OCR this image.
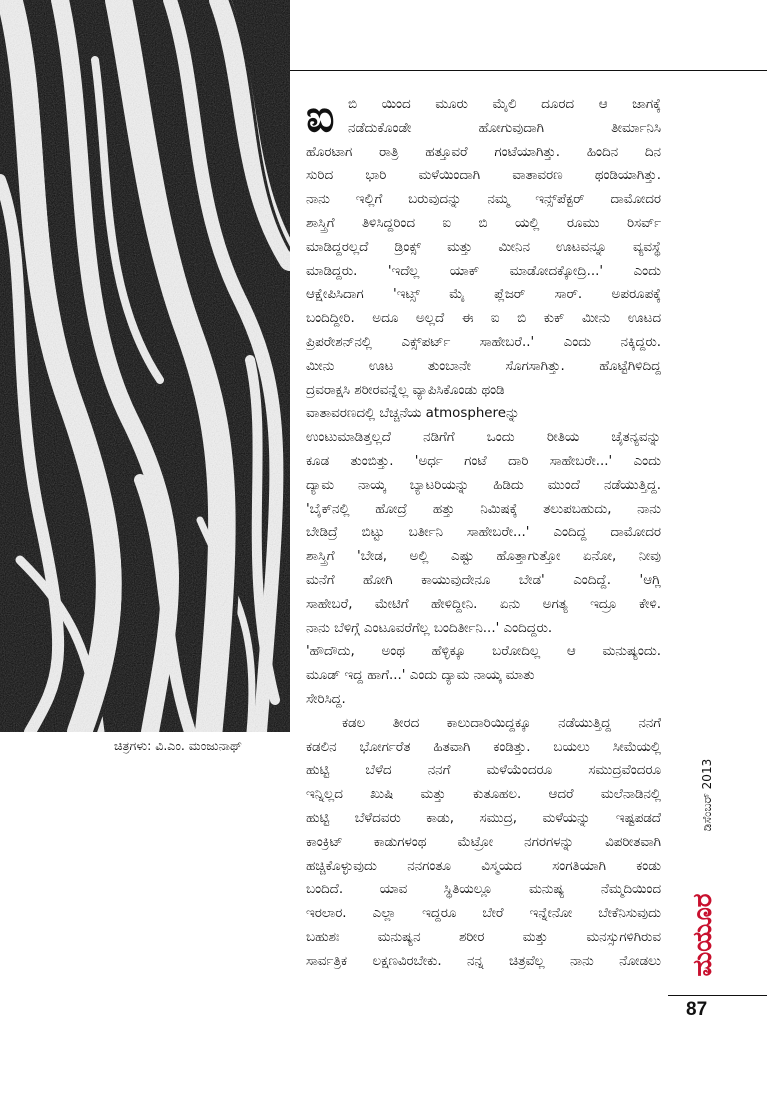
ಚಿತ್ರಗಳು: ವಿ.ಎಂ. ಮಂಜುನಾಥ್
ಐ	ಬಿ ಯಿಂದ ಮೂರು ಮೈಲಿ ದೂರದ ಆ ಜಾಗಕ್ಕೆ
ನಡೆದುಕೊಂಡೇ ಹೋಗುವುದಾಗಿ ತೀರ್ಮಾನಿಸಿ
ಹೊರಟಾಗ ರಾತ್ರಿ ಹತ್ತೂವರೆ ಗಂಟೆಯಾಗಿತ್ತು. ಹಿಂದಿನ ದಿನ
ಸುರಿದ ಭಾರಿ ಮಳೆಯಿಂದಾಗಿ ವಾತಾವರಣ ಥಂಡಿಯಾಗಿತ್ತು.
ನಾನು ಇಲ್ಲಿಗೆ ಬರುವುದನ್ನು ನಮ್ಮ ಇನ್ಸ್‌ಪೆಕ್ಟರ್ ದಾಮೋದರ
ಶಾಸ್ತ್ರಿಗೆ ತಿಳಿಸಿದ್ದರಿಂದ ಐ ಬಿ ಯಲ್ಲಿ ರೂಮು ರಿಸರ್ವ್
ಮಾಡಿದ್ದರಲ್ಲದೆ ಡ್ರಿಂಕ್ಸ್ ಮತ್ತು ಮೀನಿನ ಊಟವನ್ನೂ ವ್ಯವಸ್ಥೆ
ಮಾಡಿದ್ದರು. 'ಇದೆಲ್ಲ ಯಾಕ್ ಮಾಡೋದಕ್ಕೋದ್ರಿ...' ಎಂದು
ಆಕ್ಷೇಪಿಸಿದಾಗ 'ಇಟ್ಸ್ ಮೈ ಪ್ಲೆಜರ್ ಸಾರ್. ಅಪರೂಪಕ್ಕೆ
ಬಂದಿದ್ದೀರಿ. ಅದೂ ಅಲ್ಲದೆ ಈ ಐ ಬಿ ಕುಕ್ ಮೀನು ಊಟದ
ಪ್ರಿಪರೇಶನ್‌ನಲ್ಲಿ ಎಕ್ಸ್‌ಪರ್ಟ್ ಸಾಹೇಬರೆ..' ಎಂದು ನಕ್ಕಿದ್ದರು.
ಮೀನು ಊಟ ತುಂಬಾನೇ ಸೊಗಸಾಗಿತ್ತು. ಹೊಟ್ಟೆಗಿಳಿದಿದ್ದ
ದ್ರವರಾಕ್ಷಸಿ ಶರೀರವನ್ನೆಲ್ಲ ವ್ಯಾಪಿಸಿಕೊಂಡು ಥಂಡಿ
ವಾತಾವರಣದಲ್ಲಿ ಬೆಚ್ಚನೆಯ atmosphereನ್ನು
ಉಂಟುಮಾಡಿತ್ತಲ್ಲದೆ ನಡಿಗೆಗೆ ಒಂದು ರೀತಿಯ ಚೈತನ್ಯವನ್ನು
ಕೂಡ ತುಂಬಿತ್ತು. 'ಅರ್ಧ ಗಂಟೆ ದಾರಿ ಸಾಹೇಬರೇ...' ಎಂದು
ದ್ಯಾಮ ನಾಯ್ಕ ಬ್ಯಾಟರಿಯನ್ನು ಹಿಡಿದು ಮುಂದೆ ನಡೆಯುತ್ತಿದ್ದ.
'ಬೈಕ್‌ನಲ್ಲಿ ಹೋದ್ರೆ ಹತ್ತು ನಿಮಿಷಕ್ಕೆ ತಲುಪಬಹುದು, ನಾನು
ಬೇಡಿದ್ರೆ ಬಿಟ್ಟು ಬರ್ತೀನಿ ಸಾಹೇಬರೇ...' ಎಂದಿದ್ದ ದಾಮೋದರ
ಶಾಸ್ತ್ರಿಗೆ 'ಬೇಡ, ಅಲ್ಲಿ ಎಷ್ಟು ಹೊತ್ತಾಗುತ್ತೋ ಏನೋ, ನೀವು
ಮನೆಗೆ ಹೋಗಿ ಕಾಯುವುದೇನೂ ಬೇಡ' ಎಂದಿದ್ದೆ. 'ಆಗ್ಲಿ
ಸಾಹೇಬರೆ, ಮೇಟಿಗೆ ಹೇಳಿದ್ದೀನಿ. ಏನು ಅಗತ್ಯ ಇದ್ರೂ ಕೇಳಿ.
ನಾನು ಬೆಳಿಗ್ಗೆ ಎಂಟೂವರೆಗೆಲ್ಲ ಬಂದಿರ್ತೀನಿ...' ಎಂದಿದ್ದರು.
'ಹೌದೌದು, ಅಂಥ ಹೆಳ್ಳಿಕ್ಕೂ ಬರೋದಿಲ್ಲ ಆ ಮನುಷ್ಯಂದು.
ಮೂಡ್ ಇದ್ದ ಹಾಗೆ...' ಎಂದು ದ್ಯಾಮ ನಾಯ್ಕ ಮಾತು
ಸೇರಿಸಿದ್ದ.
ಕಡಲ ತೀರದ ಕಾಲುದಾರಿಯಿದ್ದಕ್ಕೂ ನಡೆಯುತ್ತಿದ್ದ ನನಗೆ
ಕಡಲಿನ ಭೋರ್ಗರೆತ ಹಿತವಾಗಿ ಕಂಡಿತ್ತು. ಬಯಲು ಸೀಮೆಯಲ್ಲಿ
ಹುಟ್ಟಿ ಬೆಳೆದ ನನಗೆ ಮಳೆಯೆಂದರೂ ಸಮುದ್ರವೆಂದರೂ
ಇನ್ನಿಲ್ಲದ ಖುಷಿ ಮತ್ತು ಕುತೂಹಲ. ಆದರೆ ಮಲೆನಾಡಿನಲ್ಲಿ
ಹುಟ್ಟಿ ಬೆಳೆದವರು ಕಾಡು, ಸಮುದ್ರ, ಮಳೆಯನ್ನು ಇಷ್ಟಪಡದೆ
ಕಾಂಕ್ರಿಟ್ ಕಾಡುಗಳಂಥ ಮೆಟ್ರೋ ನಗರಗಳನ್ನು ವಿಪರೀತವಾಗಿ
ಹಚ್ಚಿಕೊಳ್ಳುವುದು ನನಗಂತೂ ವಿಸ್ಮಯದ ಸಂಗತಿಯಾಗಿ ಕಂಡು
ಬಂದಿದೆ. ಯಾವ ಸ್ಥಿತಿಯಲ್ಲೂ ಮನುಷ್ಯ ನೆಮ್ಮದಿಯಿಂದ
ಇರಲಾರ. ಎಲ್ಲಾ ಇದ್ದರೂ ಬೇರೆ ಇನ್ನೇನೋ ಬೇಕೆನಿಸುವುದು
ಬಹುಶಃ ಮನುಷ್ಯನ ಶರೀರ ಮತ್ತು ಮನಸ್ಸುಗಳಿಗಿರುವ
ಸಾರ್ವತ್ರಿಕ ಲಕ್ಷಣವಿರಬೇಕು. ನನ್ನ ಚಿತ್ರವೆಲ್ಲ ನಾನು ನೋಡಲು
ಡಿಸೆಂಬರ್ 2013
ಮಯೂರ
87
